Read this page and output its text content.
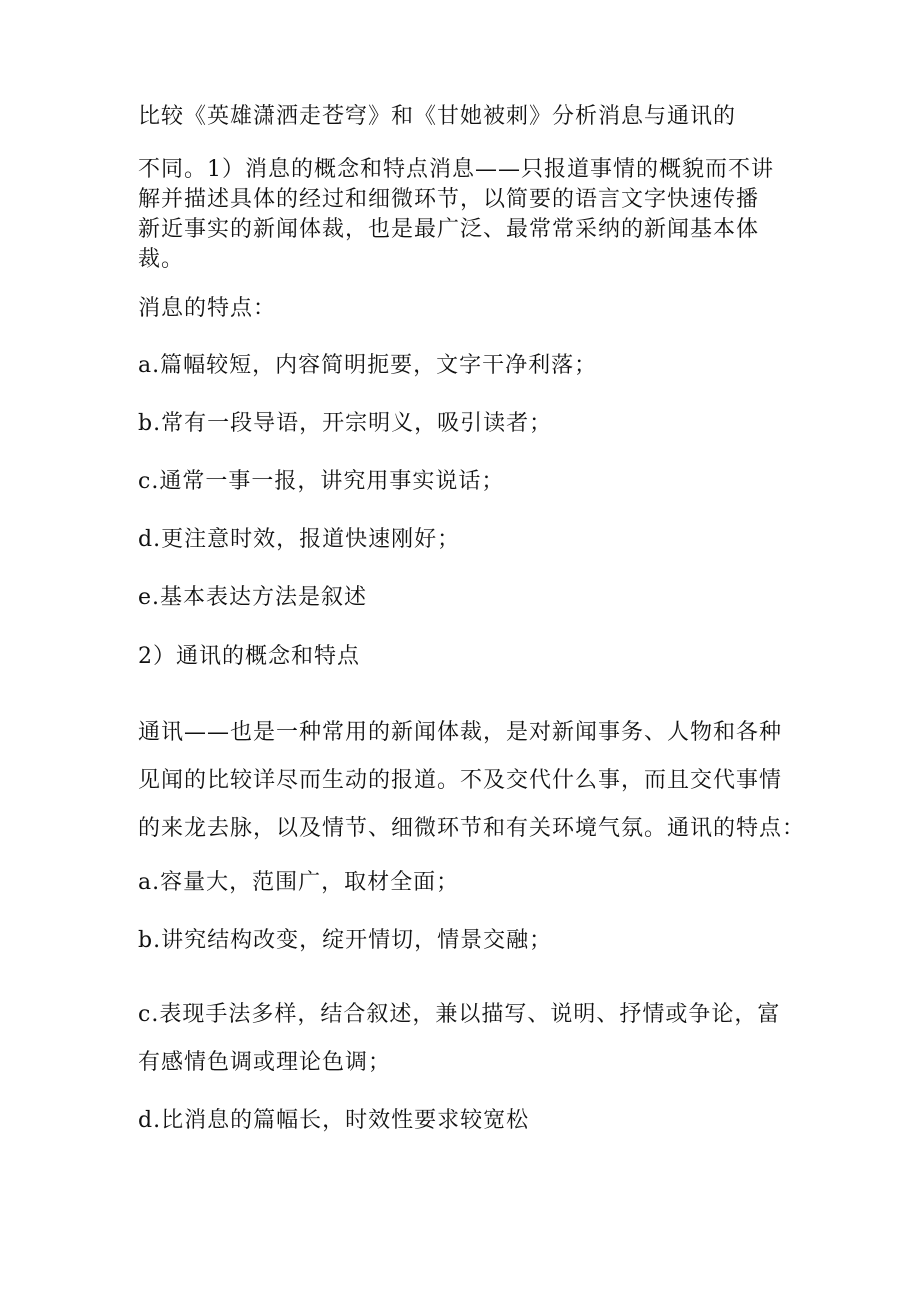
比较《英雄潇洒走苍穹》和《甘她被刺》分析消息与通讯的
不同。1）消息的概念和特点消息——只报道事情的概貌而不讲
解并描述具体的经过和细微环节，以简要的语言文字快速传播
新近事实的新闻体裁，也是最广泛、最常常采纳的新闻基本体
裁。
消息的特点：
a.篇幅较短，内容简明扼要，文字干净利落；
b.常有一段导语，开宗明义，吸引读者；
c.通常一事一报，讲究用事实说话；
d.更注意时效，报道快速刚好；
e.基本表达方法是叙述
2）通讯的概念和特点
通讯——也是一种常用的新闻体裁，是对新闻事务、人物和各种
见闻的比较详尽而生动的报道。不及交代什么事，而且交代事情
的来龙去脉，以及情节、细微环节和有关环境气氛。通讯的特点：
a.容量大，范围广，取材全面；
b.讲究结构改变，绽开情切，情景交融；
c.表现手法多样，结合叙述，兼以描写、说明、抒情或争论，富
有感情色调或理论色调；
d.比消息的篇幅长，时效性要求较宽松
